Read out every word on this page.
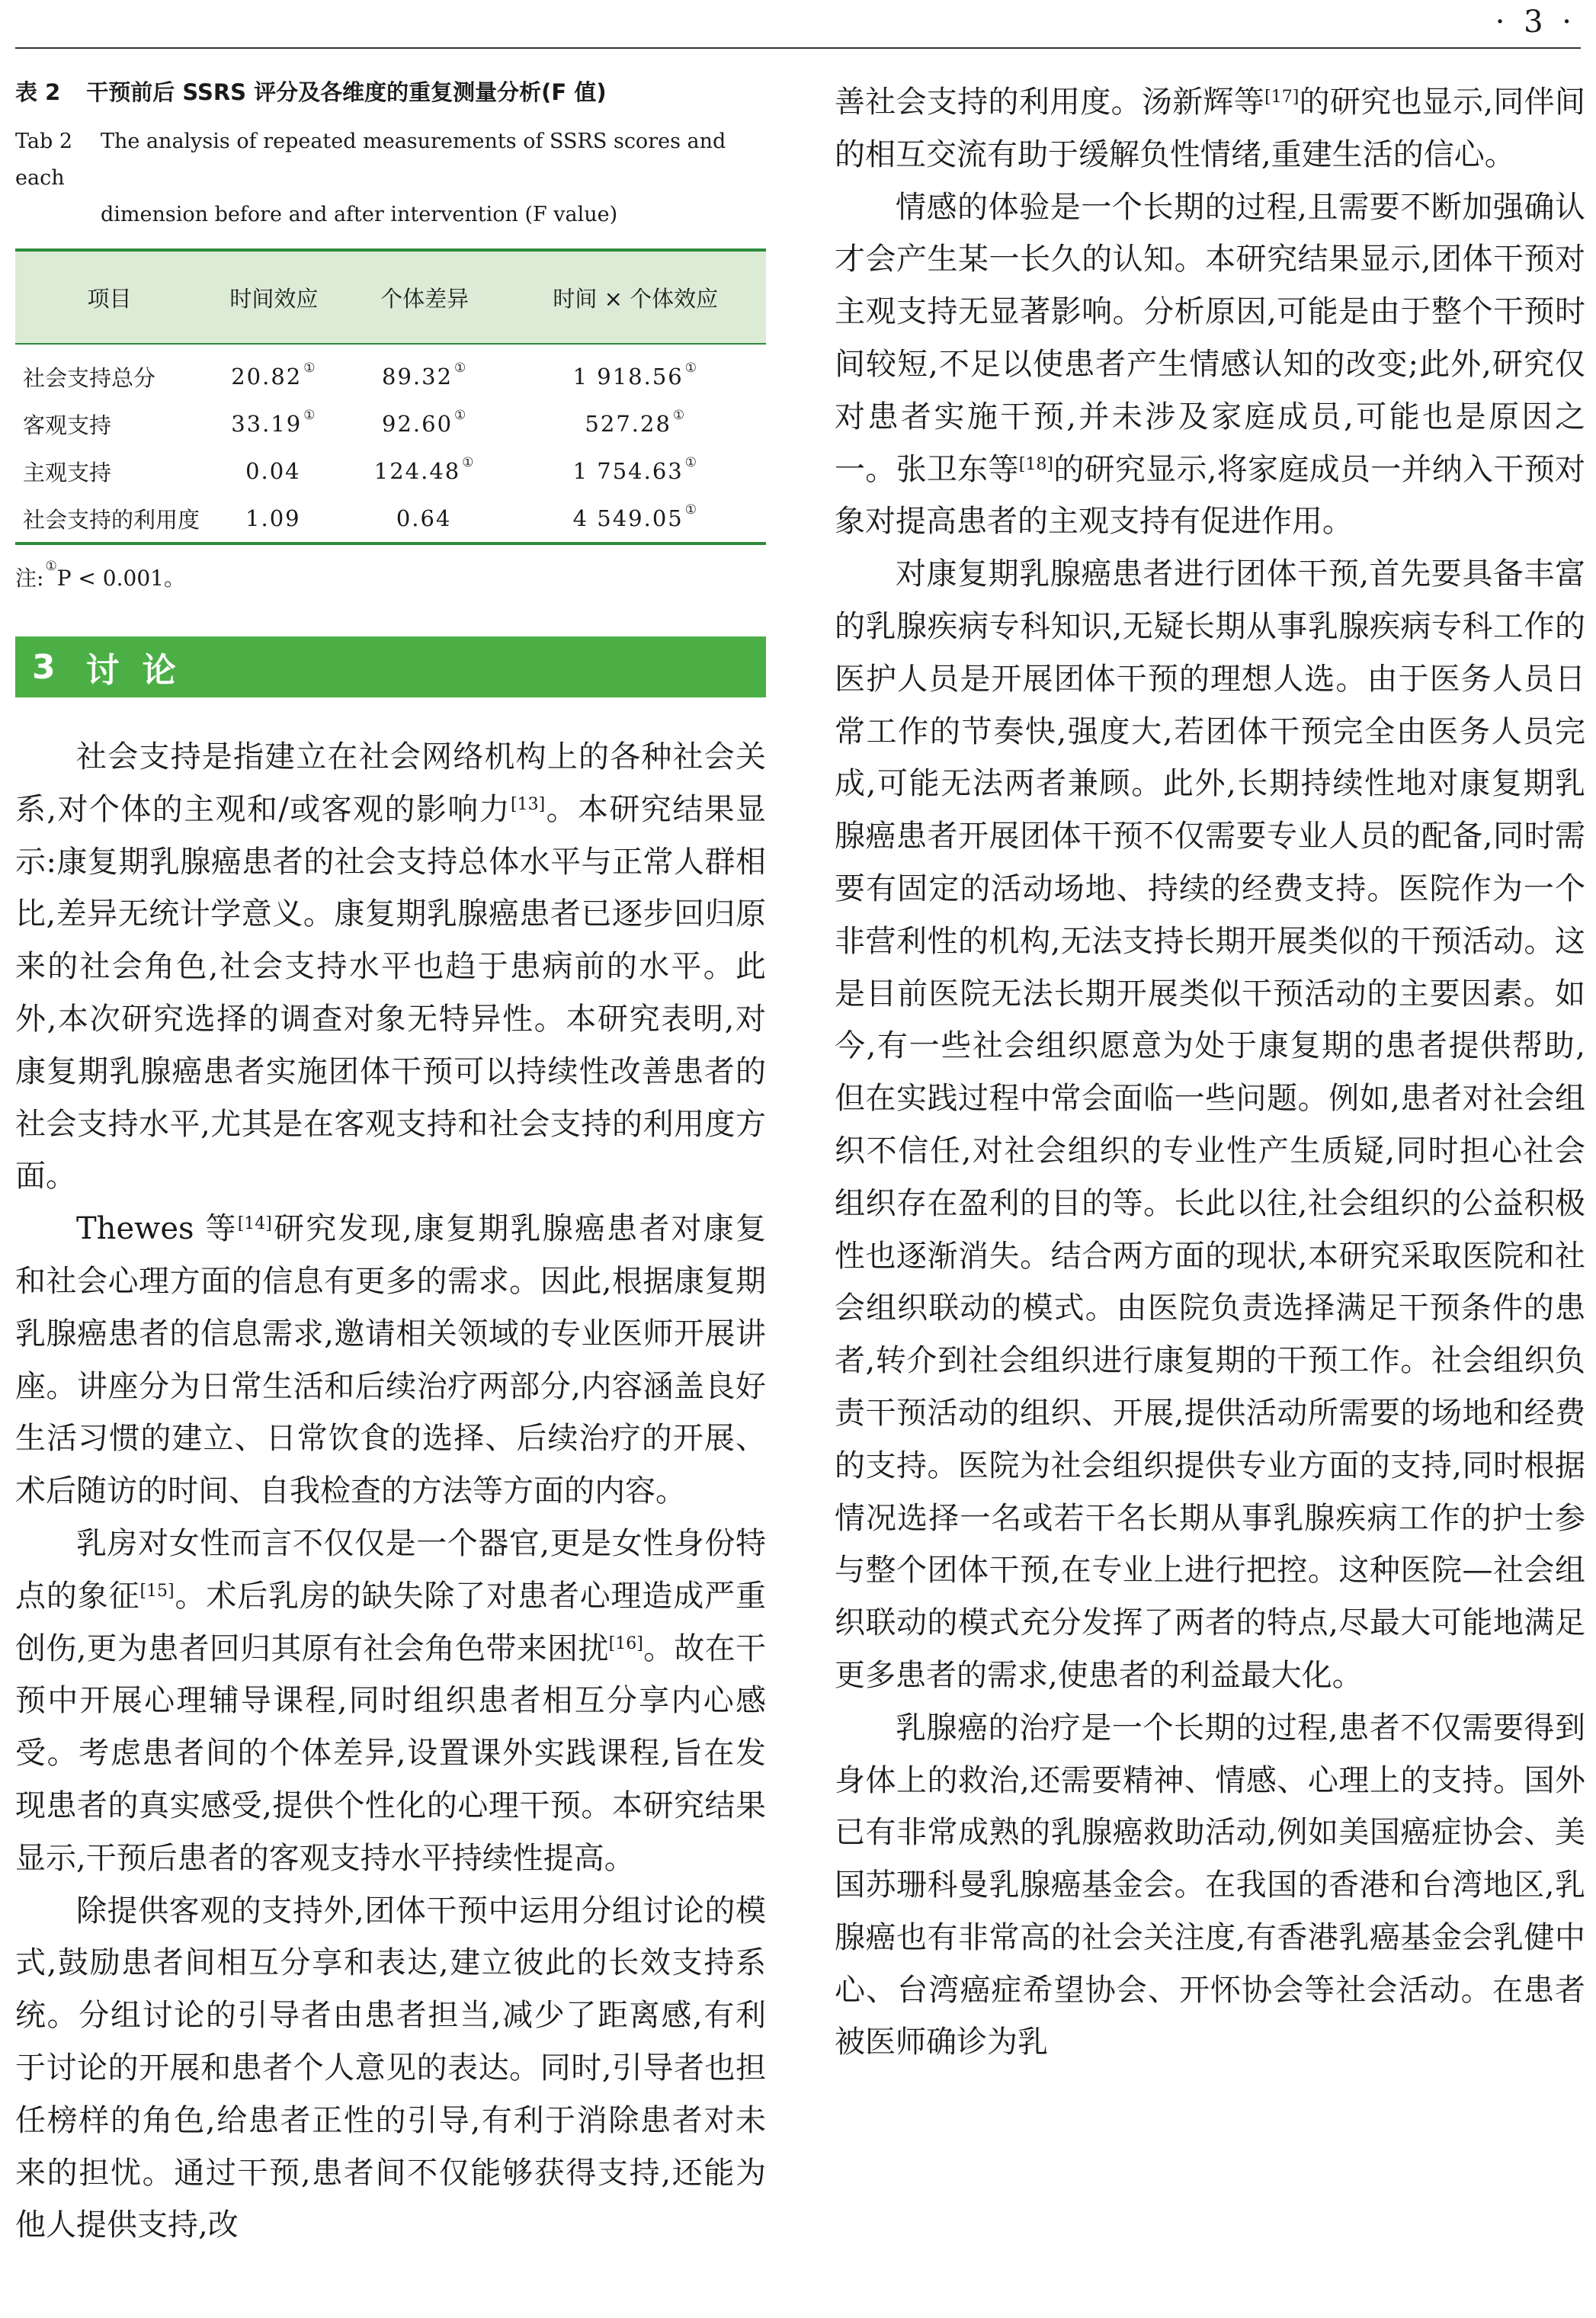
· 3 ·
表 2 干预前后 SSRS 评分及各维度的重复测量分析(F 值)
Tab 2 The analysis of repeated measurements of SSRS scores and each
dimension before and after intervention (F value)
项目	时间效应	个体差异	时间 × 个体效应
社会支持总分	20.82 ①	89.32 ①	1 918.56 ①
客观支持	33.19 ①	92.60 ①	527.28 ①
主观支持	0.04	124.48 ①	1 754.63 ①
社会支持的利用度	1.09	0.64	4 549.05 ①
注: ①P < 0.001。
3 讨论

社会支持是指建立在社会网络机构上的各种社会关系,对个体的主观和/或客观的影响力[13]。本研究结果显示:康复期乳腺癌患者的社会支持总体水平与正常人群相比,差异无统计学意义。康复期乳腺癌患者已逐步回归原来的社会角色,社会支持水平也趋于患病前的水平。此外,本次研究选择的调查对象无特异性。本研究表明,对康复期乳腺癌患者实施团体干预可以持续性改善患者的社会支持水平,尤其是在客观支持和社会支持的利用度方面。

Thewes 等[14]研究发现,康复期乳腺癌患者对康复和社会心理方面的信息有更多的需求。因此,根据康复期乳腺癌患者的信息需求,邀请相关领域的专业医师开展讲座。讲座分为日常生活和后续治疗两部分,内容涵盖良好生活习惯的建立、日常饮食的选择、后续治疗的开展、术后随访的时间、自我检查的方法等方面的内容。

乳房对女性而言不仅仅是一个器官,更是女性身份特点的象征[15]。术后乳房的缺失除了对患者心理造成严重创伤,更为患者回归其原有社会角色带来困扰[16]。故在干预中开展心理辅导课程,同时组织患者相互分享内心感受。考虑患者间的个体差异,设置课外实践课程,旨在发现患者的真实感受,提供个性化的心理干预。本研究结果显示,干预后患者的客观支持水平持续性提高。

除提供客观的支持外,团体干预中运用分组讨论的模式,鼓励患者间相互分享和表达,建立彼此的长效支持系统。分组讨论的引导者由患者担当,减少了距离感,有利于讨论的开展和患者个人意见的表达。同时,引导者也担任榜样的角色,给患者正性的引导,有利于消除患者对未来的担忧。通过干预,患者间不仅能够获得支持,还能为他人提供支持,改

善社会支持的利用度。汤新辉等[17]的研究也显示,同伴间的相互交流有助于缓解负性情绪,重建生活的信心。

情感的体验是一个长期的过程,且需要不断加强确认才会产生某一长久的认知。本研究结果显示,团体干预对主观支持无显著影响。分析原因,可能是由于整个干预时间较短,不足以使患者产生情感认知的改变;此外,研究仅对患者实施干预,并未涉及家庭成员,可能也是原因之一。张卫东等[18]的研究显示,将家庭成员一并纳入干预对象对提高患者的主观支持有促进作用。

对康复期乳腺癌患者进行团体干预,首先要具备丰富的乳腺疾病专科知识,无疑长期从事乳腺疾病专科工作的医护人员是开展团体干预的理想人选。由于医务人员日常工作的节奏快,强度大,若团体干预完全由医务人员完成,可能无法两者兼顾。此外,长期持续性地对康复期乳腺癌患者开展团体干预不仅需要专业人员的配备,同时需要有固定的活动场地、持续的经费支持。医院作为一个非营利性的机构,无法支持长期开展类似的干预活动。这是目前医院无法长期开展类似干预活动的主要因素。如今,有一些社会组织愿意为处于康复期的患者提供帮助,但在实践过程中常会面临一些问题。例如,患者对社会组织不信任,对社会组织的专业性产生质疑,同时担心社会组织存在盈利的目的等。长此以往,社会组织的公益积极性也逐渐消失。结合两方面的现状,本研究采取医院和社会组织联动的模式。由医院负责选择满足干预条件的患者,转介到社会组织进行康复期的干预工作。社会组织负责干预活动的组织、开展,提供活动所需要的场地和经费的支持。医院为社会组织提供专业方面的支持,同时根据情况选择一名或若干名长期从事乳腺疾病工作的护士参与整个团体干预,在专业上进行把控。这种医院—社会组织联动的模式充分发挥了两者的特点,尽最大可能地满足更多患者的需求,使患者的利益最大化。

乳腺癌的治疗是一个长期的过程,患者不仅需要得到身体上的救治,还需要精神、情感、心理上的支持。国外已有非常成熟的乳腺癌救助活动,例如美国癌症协会、美国苏珊科曼乳腺癌基金会。在我国的香港和台湾地区,乳腺癌也有非常高的社会关注度,有香港乳癌基金会乳健中心、台湾癌症希望协会、开怀协会等社会活动。在患者被医师确诊为乳
